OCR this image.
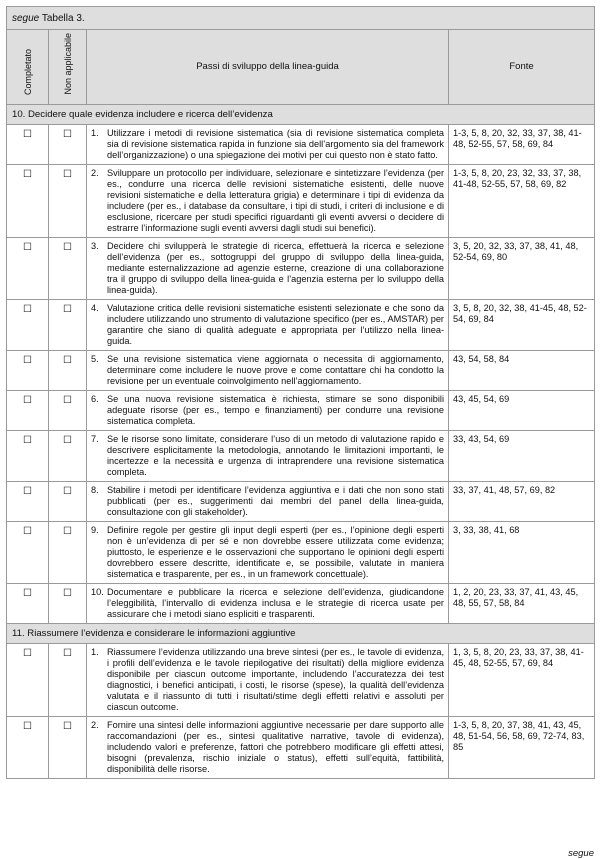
segue Tabella 3.			
Completato	Non applicabile	Passi di sviluppo della linea-guida	Fonte
10. Decidere quale evidenza includere e ricerca dell’evidenza			
☐	☐	1. Utilizzare i metodi di revisione sistematica (sia di revisione sistematica completa sia di revisione sistematica rapida in funzione sia dell’argomento sia del framework dell’organizzazione) o una spiegazione dei motivi per cui questo non è stato fatto.	1-3, 5, 8, 20, 32, 33, 37, 38, 41-48, 52-55, 57, 58, 69, 84
☐	☐	2. Sviluppare un protocollo per individuare, selezionare e sintetizzare l’evidenza (per es., condurre una ricerca delle revisioni sistematiche esistenti, delle nuove revisioni sistematiche e della letteratura grigia) e determinare i tipi di evidenza da includere (per es., i database da consultare, i tipi di studi, i criteri di inclusione e di esclusione, ricercare per studi specifici riguardanti gli eventi avversi o decidere di estrarre l’informazione sugli eventi avversi dagli studi sui benefici).	1-3, 5, 8, 20, 23, 32, 33, 37, 38, 41-48, 52-55, 57, 58, 69, 82
☐	☐	3. Decidere chi svilupperà le strategie di ricerca, effettuerà la ricerca e selezione dell’evidenza (per es., sottogruppi del gruppo di sviluppo della linea-guida, mediante esternalizzazione ad agenzie esterne, creazione di una collaborazione tra il gruppo di sviluppo della linea-guida e l’agenzia esterna per lo sviluppo della linea-guida).	3, 5, 20, 32, 33, 37, 38, 41, 48, 52-54, 69, 80
☐	☐	4. Valutazione critica delle revisioni sistematiche esistenti selezionate e che sono da includere utilizzando uno strumento di valutazione specifico (per es., AMSTAR) per garantire che siano di qualità adeguate e appropriata per l’utilizzo nella linea-guida.	3, 5, 8, 20, 32, 38, 41-45, 48, 52-54, 69, 84
☐	☐	5. Se una revisione sistematica viene aggiornata o necessita di aggiornamento, determinare come includere le nuove prove e come contattare chi ha condotto la revisione per un eventuale coinvolgimento nell’aggiornamento.	43, 54, 58, 84
☐	☐	6. Se una nuova revisione sistematica è richiesta, stimare se sono disponibili adeguate risorse (per es., tempo e finanziamenti) per condurre una revisione sistematica completa.	43, 45, 54, 69
☐	☐	7. Se le risorse sono limitate, considerare l’uso di un metodo di valutazione rapido e descrivere esplicitamente la metodologia, annotando le limitazioni importanti, le incertezze e la necessità e urgenza di intraprendere una revisione sistematica completa.	33, 43, 54, 69
☐	☐	8. Stabilire i metodi per identificare l’evidenza aggiuntiva e i dati che non sono stati pubblicati (per es., suggerimenti dai membri del panel della linea-guida, consultazione con gli stakeholder).	33, 37, 41, 48, 57, 69, 82
☐	☐	9. Definire regole per gestire gli input degli esperti (per es., l’opinione degli esperti non è un’evidenza di per sé e non dovrebbe essere utilizzata come evidenza; piuttosto, le esperienze e le osservazioni che supportano le opinioni degli esperti dovrebbero essere descritte, identificate e, se possibile, valutate in maniera sistematica e trasparente, per es., in un framework concettuale).	3, 33, 38, 41, 68
☐	☐	10. Documentare e pubblicare la ricerca e selezione dell’evidenza, giudicandone l’eleggibilità, l’intervallo di evidenza inclusa e le strategie di ricerca usate per assicurare che i metodi siano espliciti e trasparenti.	1, 2, 20, 23, 33, 37, 41, 43, 45, 48, 55, 57, 58, 84
11. Riassumere l’evidenza e considerare le informazioni aggiuntive			
☐	☐	1. Riassumere l’evidenza utilizzando una breve sintesi (per es., le tavole di evidenza, i profili dell’evidenza e le tavole riepilogative dei risultati) della migliore evidenza disponibile per ciascun outcome importante, includendo l’accuratezza dei test diagnostici, i benefici anticipati, i costi, le risorse (spese), la qualità dell’evidenza valutata e il riassunto di tutti i risultati/stime degli effetti relativi e assoluti per ciascun outcome.	1, 3, 5, 8, 20, 23, 33, 37, 38, 41-45, 48, 52-55, 57, 69, 84
☐	☐	2. Fornire una sintesi delle informazioni aggiuntive necessarie per dare supporto alle raccomandazioni (per es., sintesi qualitative narrative, tavole di evidenza), includendo valori e preferenze, fattori che potrebbero modificare gli effetti attesi, bisogni (prevalenza, rischio iniziale o status), effetti sull’equità, fattibilità, disponibilità delle risorse.	1-3, 5, 8, 20, 37, 38, 41, 43, 45, 48, 51-54, 56, 58, 69, 72-74, 83, 85
segue
